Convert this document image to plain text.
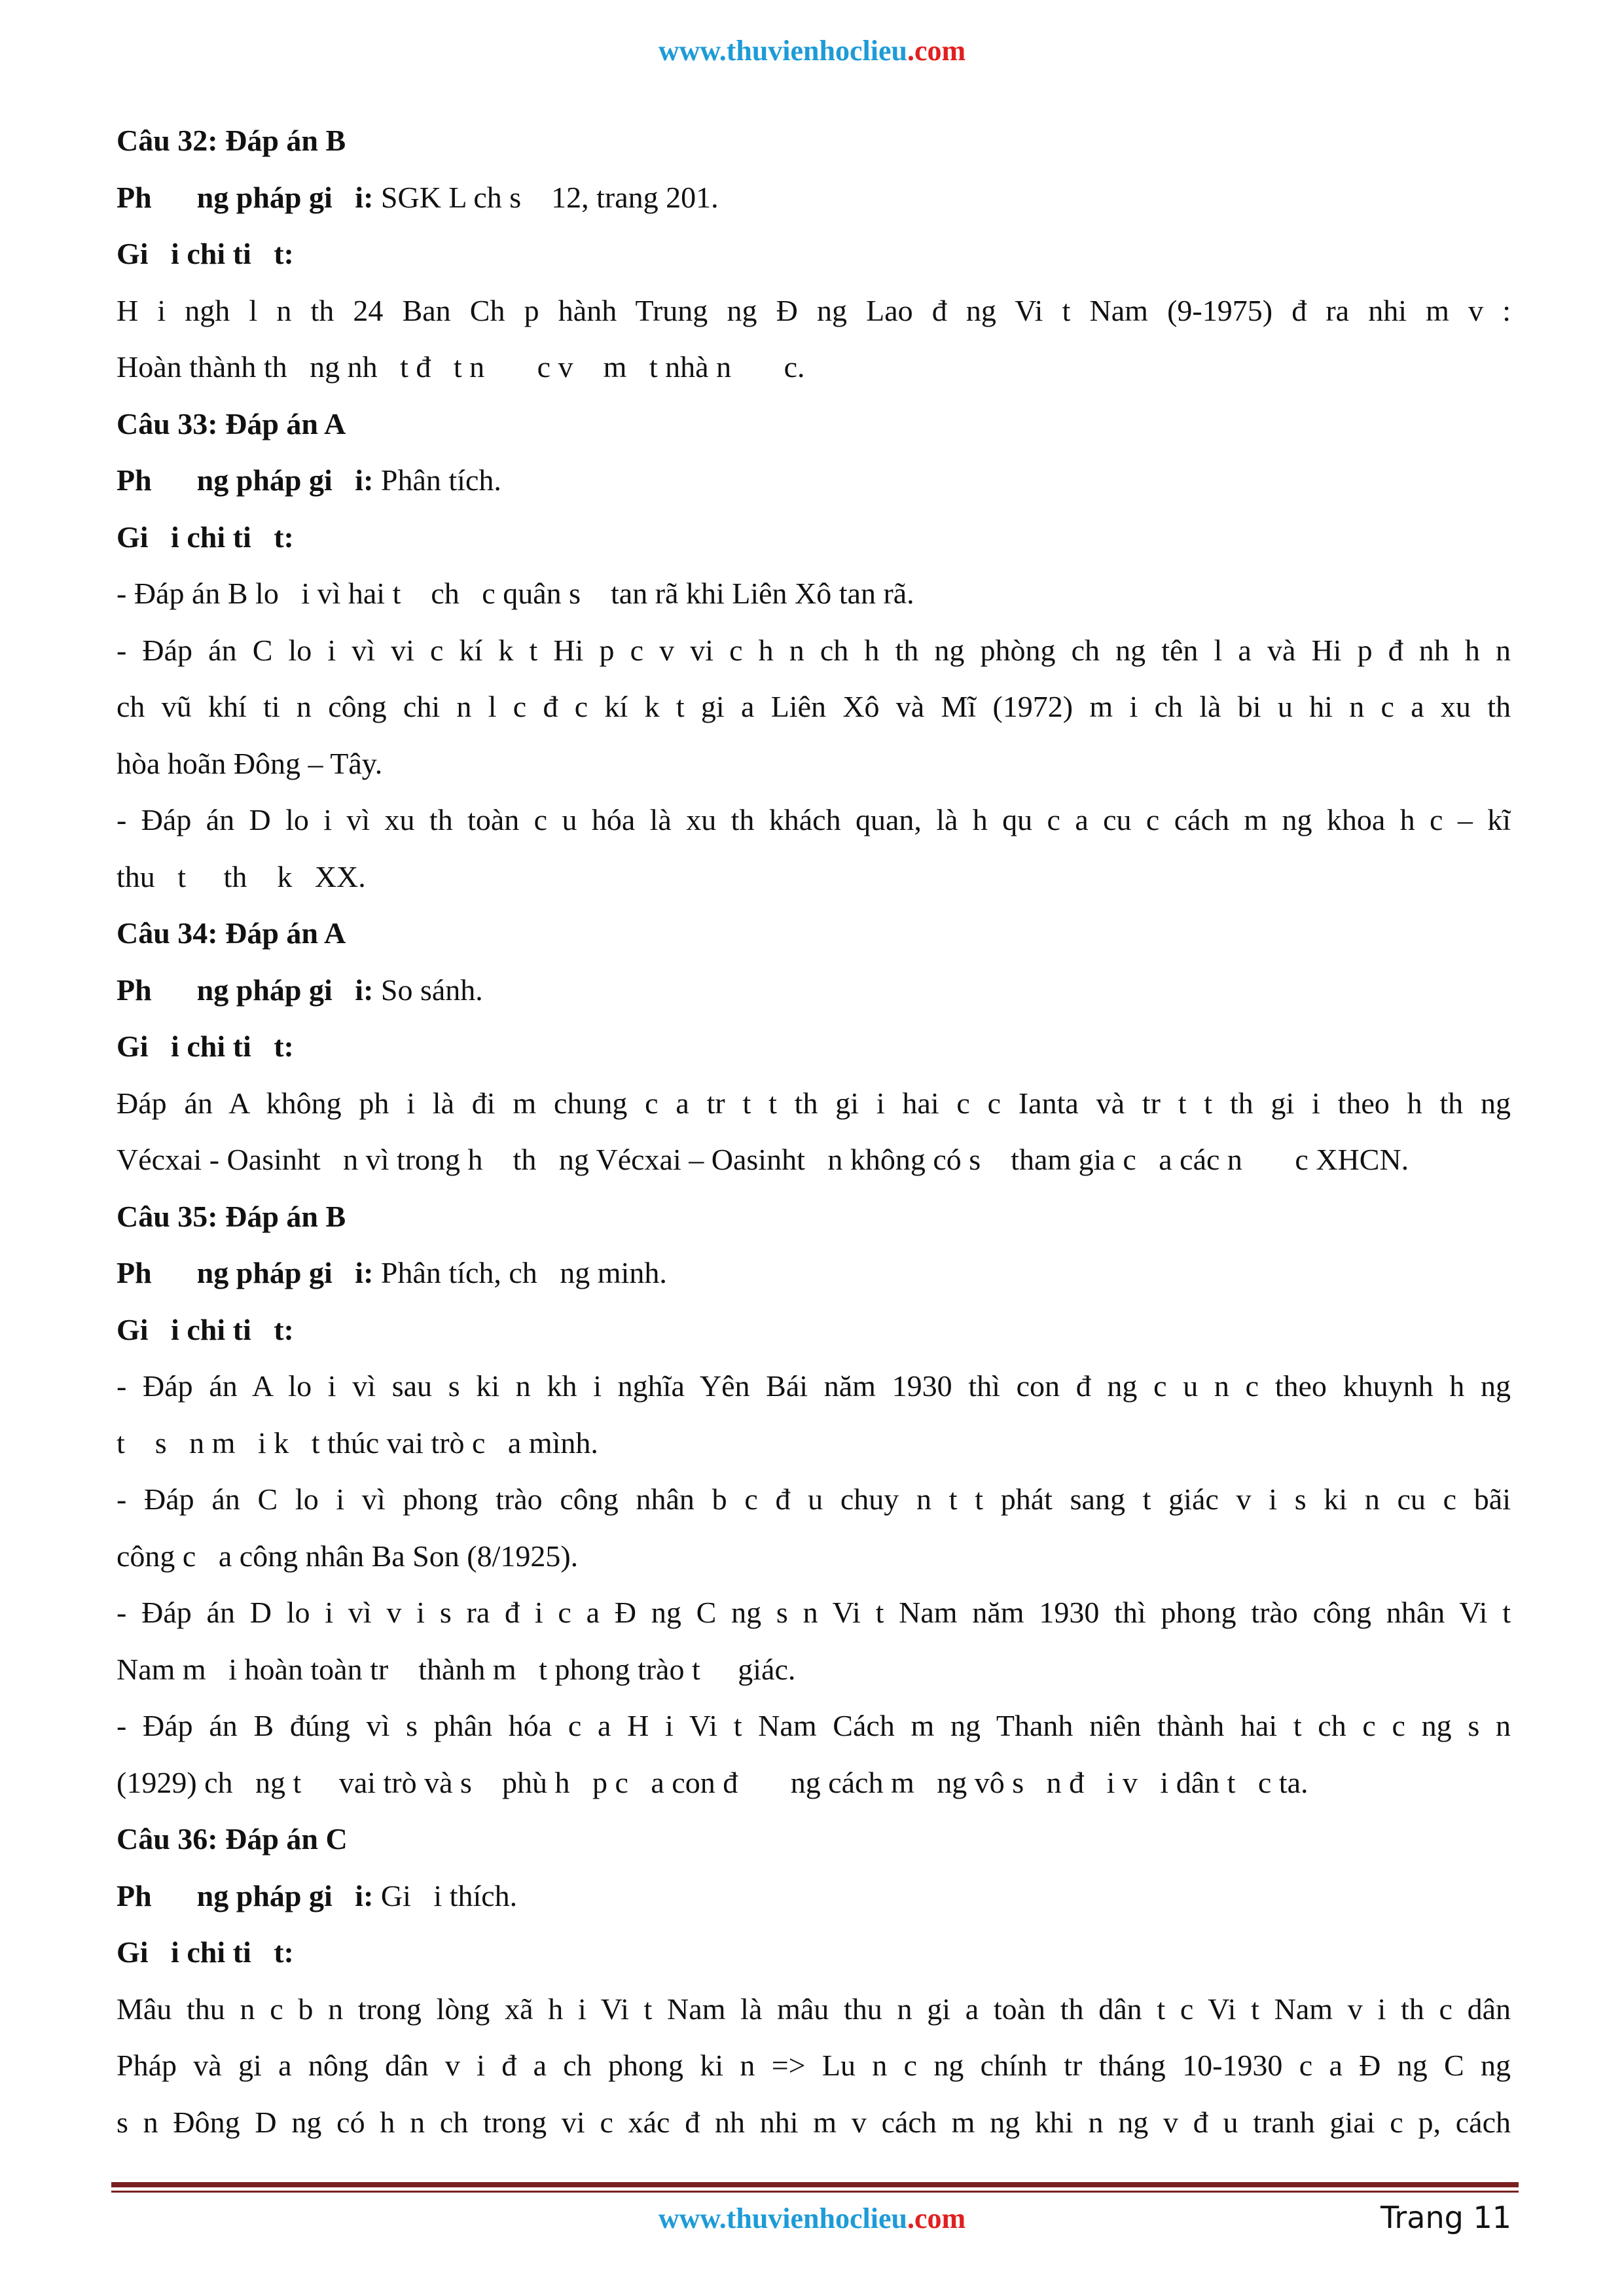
www.thuvienhoclieu.com
Câu 32: Đáp án B
Ph      ng pháp gi   i: SGK L ch s    12, trang 201.
Gi   i chi ti   t:
H i ngh l n th 24 Ban Ch p hành Trung ng Đ ng Lao đ ng Vi t Nam (9-1975) đ ra nhi m v :
Hoàn thành th   ng nh   t đ   t n       c v    m   t nhà n       c.
Câu 33: Đáp án A
Ph      ng pháp gi   i: Phân tích.
Gi   i chi ti   t:
- Đáp án B lo   i vì hai t    ch   c quân s    tan rã khi Liên Xô tan rã.
- Đáp án C lo i vì vi c kí k t Hi p c v vi c h n ch h th ng phòng ch ng tên l a và Hi p đ nh h n
ch vũ khí ti n công chi n l c đ c kí k t gi a Liên Xô và Mĩ (1972) m i ch là bi u hi n c a xu th
hòa hoãn Đông – Tây.
- Đáp án D lo i vì xu th toàn c u hóa là xu th khách quan, là h qu c a cu c cách m ng khoa h c – kĩ
thu   t     th    k   XX.
Câu 34: Đáp án A
Ph      ng pháp gi   i: So sánh.
Gi   i chi ti   t:
Đáp án A không ph i là đi m chung c a tr t t th gi i hai c c Ianta và tr t t th gi i theo h th ng
Vécxai - Oasinht   n vì trong h    th   ng Vécxai – Oasinht   n không có s    tham gia c   a các n       c XHCN.
Câu 35: Đáp án B
Ph      ng pháp gi   i: Phân tích, ch   ng minh.
Gi   i chi ti   t:
- Đáp án A lo i vì sau s ki n kh i nghĩa Yên Bái năm 1930 thì con đ ng c u n c theo khuynh h ng
t    s   n m   i k   t thúc vai trò c   a mình.
- Đáp án C lo i vì phong trào công nhân b c đ u chuy n t t phát sang t giác v i s ki n cu c bãi
công c   a công nhân Ba Son (8/1925).
- Đáp án D lo i vì v i s ra đ i c a Đ ng C ng s n Vi t Nam năm 1930 thì phong trào công nhân Vi t
Nam m   i hoàn toàn tr    thành m   t phong trào t     giác.
- Đáp án B đúng vì s phân hóa c a H i Vi t Nam Cách m ng Thanh niên thành hai t ch c c ng s n
(1929) ch   ng t     vai trò và s    phù h   p c   a con đ       ng cách m   ng vô s   n đ   i v   i dân t   c ta.
Câu 36: Đáp án C
Ph      ng pháp gi   i: Gi   i thích.
Gi   i chi ti   t:
Mâu thu n c b n trong lòng xã h i Vi t Nam là mâu thu n gi a toàn th dân t c Vi t Nam v i th c dân
Pháp và gi a nông dân v i đ a ch phong ki n => Lu n c ng chính tr tháng 10-1930 c a Đ ng C ng
s n Đông D ng có h n ch trong vi c xác đ nh nhi m v cách m ng khi n ng v đ u tranh giai c p, cách
www.thuvienhoclieu.com	Trang 11
